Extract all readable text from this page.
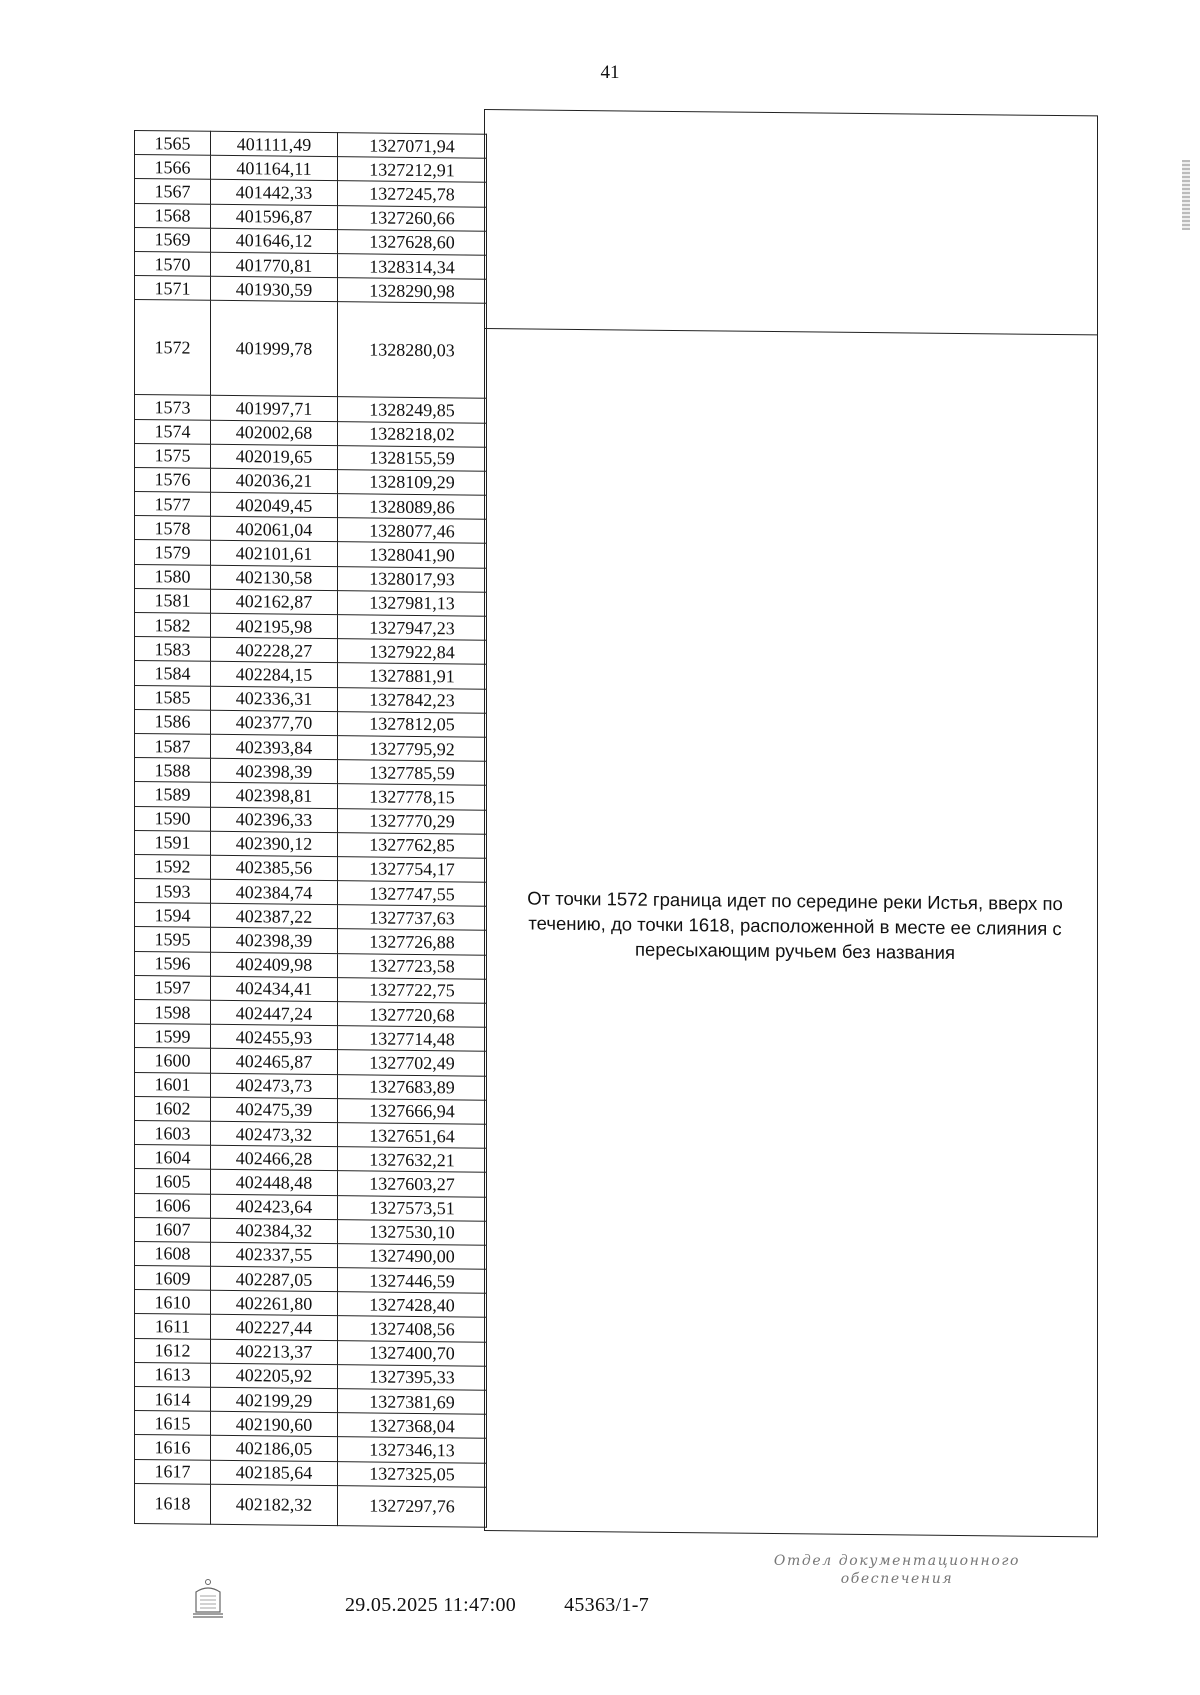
41
1565	401111,49	1327071,94
1566	401164,11	1327212,91
1567	401442,33	1327245,78
1568	401596,87	1327260,66
1569	401646,12	1327628,60
1570	401770,81	1328314,34
1571	401930,59	1328290,98
1572	401999,78	1328280,03
1573	401997,71	1328249,85
1574	402002,68	1328218,02
1575	402019,65	1328155,59
1576	402036,21	1328109,29
1577	402049,45	1328089,86
1578	402061,04	1328077,46
1579	402101,61	1328041,90
1580	402130,58	1328017,93
1581	402162,87	1327981,13
1582	402195,98	1327947,23
1583	402228,27	1327922,84
1584	402284,15	1327881,91
1585	402336,31	1327842,23
1586	402377,70	1327812,05
1587	402393,84	1327795,92
1588	402398,39	1327785,59
1589	402398,81	1327778,15
1590	402396,33	1327770,29
1591	402390,12	1327762,85
1592	402385,56	1327754,17
1593	402384,74	1327747,55
1594	402387,22	1327737,63
1595	402398,39	1327726,88
1596	402409,98	1327723,58
1597	402434,41	1327722,75
1598	402447,24	1327720,68
1599	402455,93	1327714,48
1600	402465,87	1327702,49
1601	402473,73	1327683,89
1602	402475,39	1327666,94
1603	402473,32	1327651,64
1604	402466,28	1327632,21
1605	402448,48	1327603,27
1606	402423,64	1327573,51
1607	402384,32	1327530,10
1608	402337,55	1327490,00
1609	402287,05	1327446,59
1610	402261,80	1327428,40
1611	402227,44	1327408,56
1612	402213,37	1327400,70
1613	402205,92	1327395,33
1614	402199,29	1327381,69
1615	402190,60	1327368,04
1616	402186,05	1327346,13
1617	402185,64	1327325,05
1618	402182,32	1327297,76
От точки 1572 граница идет по середине реки Истья, вверх по течению, до точки 1618, расположенной в месте ее слияния с пересыхающим ручьем без названия
29.05.2025 11:47:00 45363/1-7
Отдел документационного обеспечения
